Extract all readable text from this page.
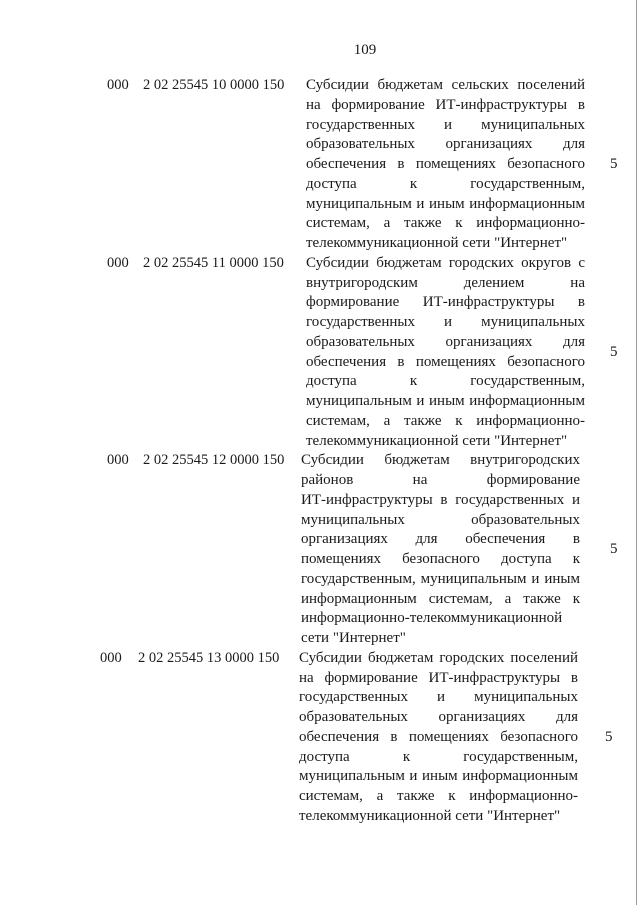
109
000 2 02 25545 10 0000 150 Субсидии бюджетам сельских поселений
на формирование ИТ-инфраструктуры в
государственных и муниципальных
образовательных организациях для
обеспечения в помещениях безопасного
доступа к государственным,
муниципальным и иным информационным
системам, а также к информационно-
телекоммуникационной сети "Интернет"
5
000 2 02 25545 11 0000 150 Субсидии бюджетам городских округов с
внутригородским делением на
формирование ИТ-инфраструктуры в
государственных и муниципальных
образовательных организациях для
обеспечения в помещениях безопасного
доступа к государственным,
муниципальным и иным информационным
системам, а также к информационно-
телекоммуникационной сети "Интернет"
5
000 2 02 25545 12 0000 150 Субсидии бюджетам внутригородских
районов на формирование
ИТ-инфраструктуры в государственных и
муниципальных образовательных
организациях для обеспечения в
помещениях безопасного доступа к
государственным, муниципальным и иным
информационным системам, а также к
информационно-телекоммуникационной
сети "Интернет"
5
000 2 02 25545 13 0000 150 Субсидии бюджетам городских поселений
на формирование ИТ-инфраструктуры в
государственных и муниципальных
образовательных организациях для
обеспечения в помещениях безопасного
доступа к государственным,
муниципальным и иным информационным
системам, а также к информационно-
телекоммуникационной сети "Интернет"
5
